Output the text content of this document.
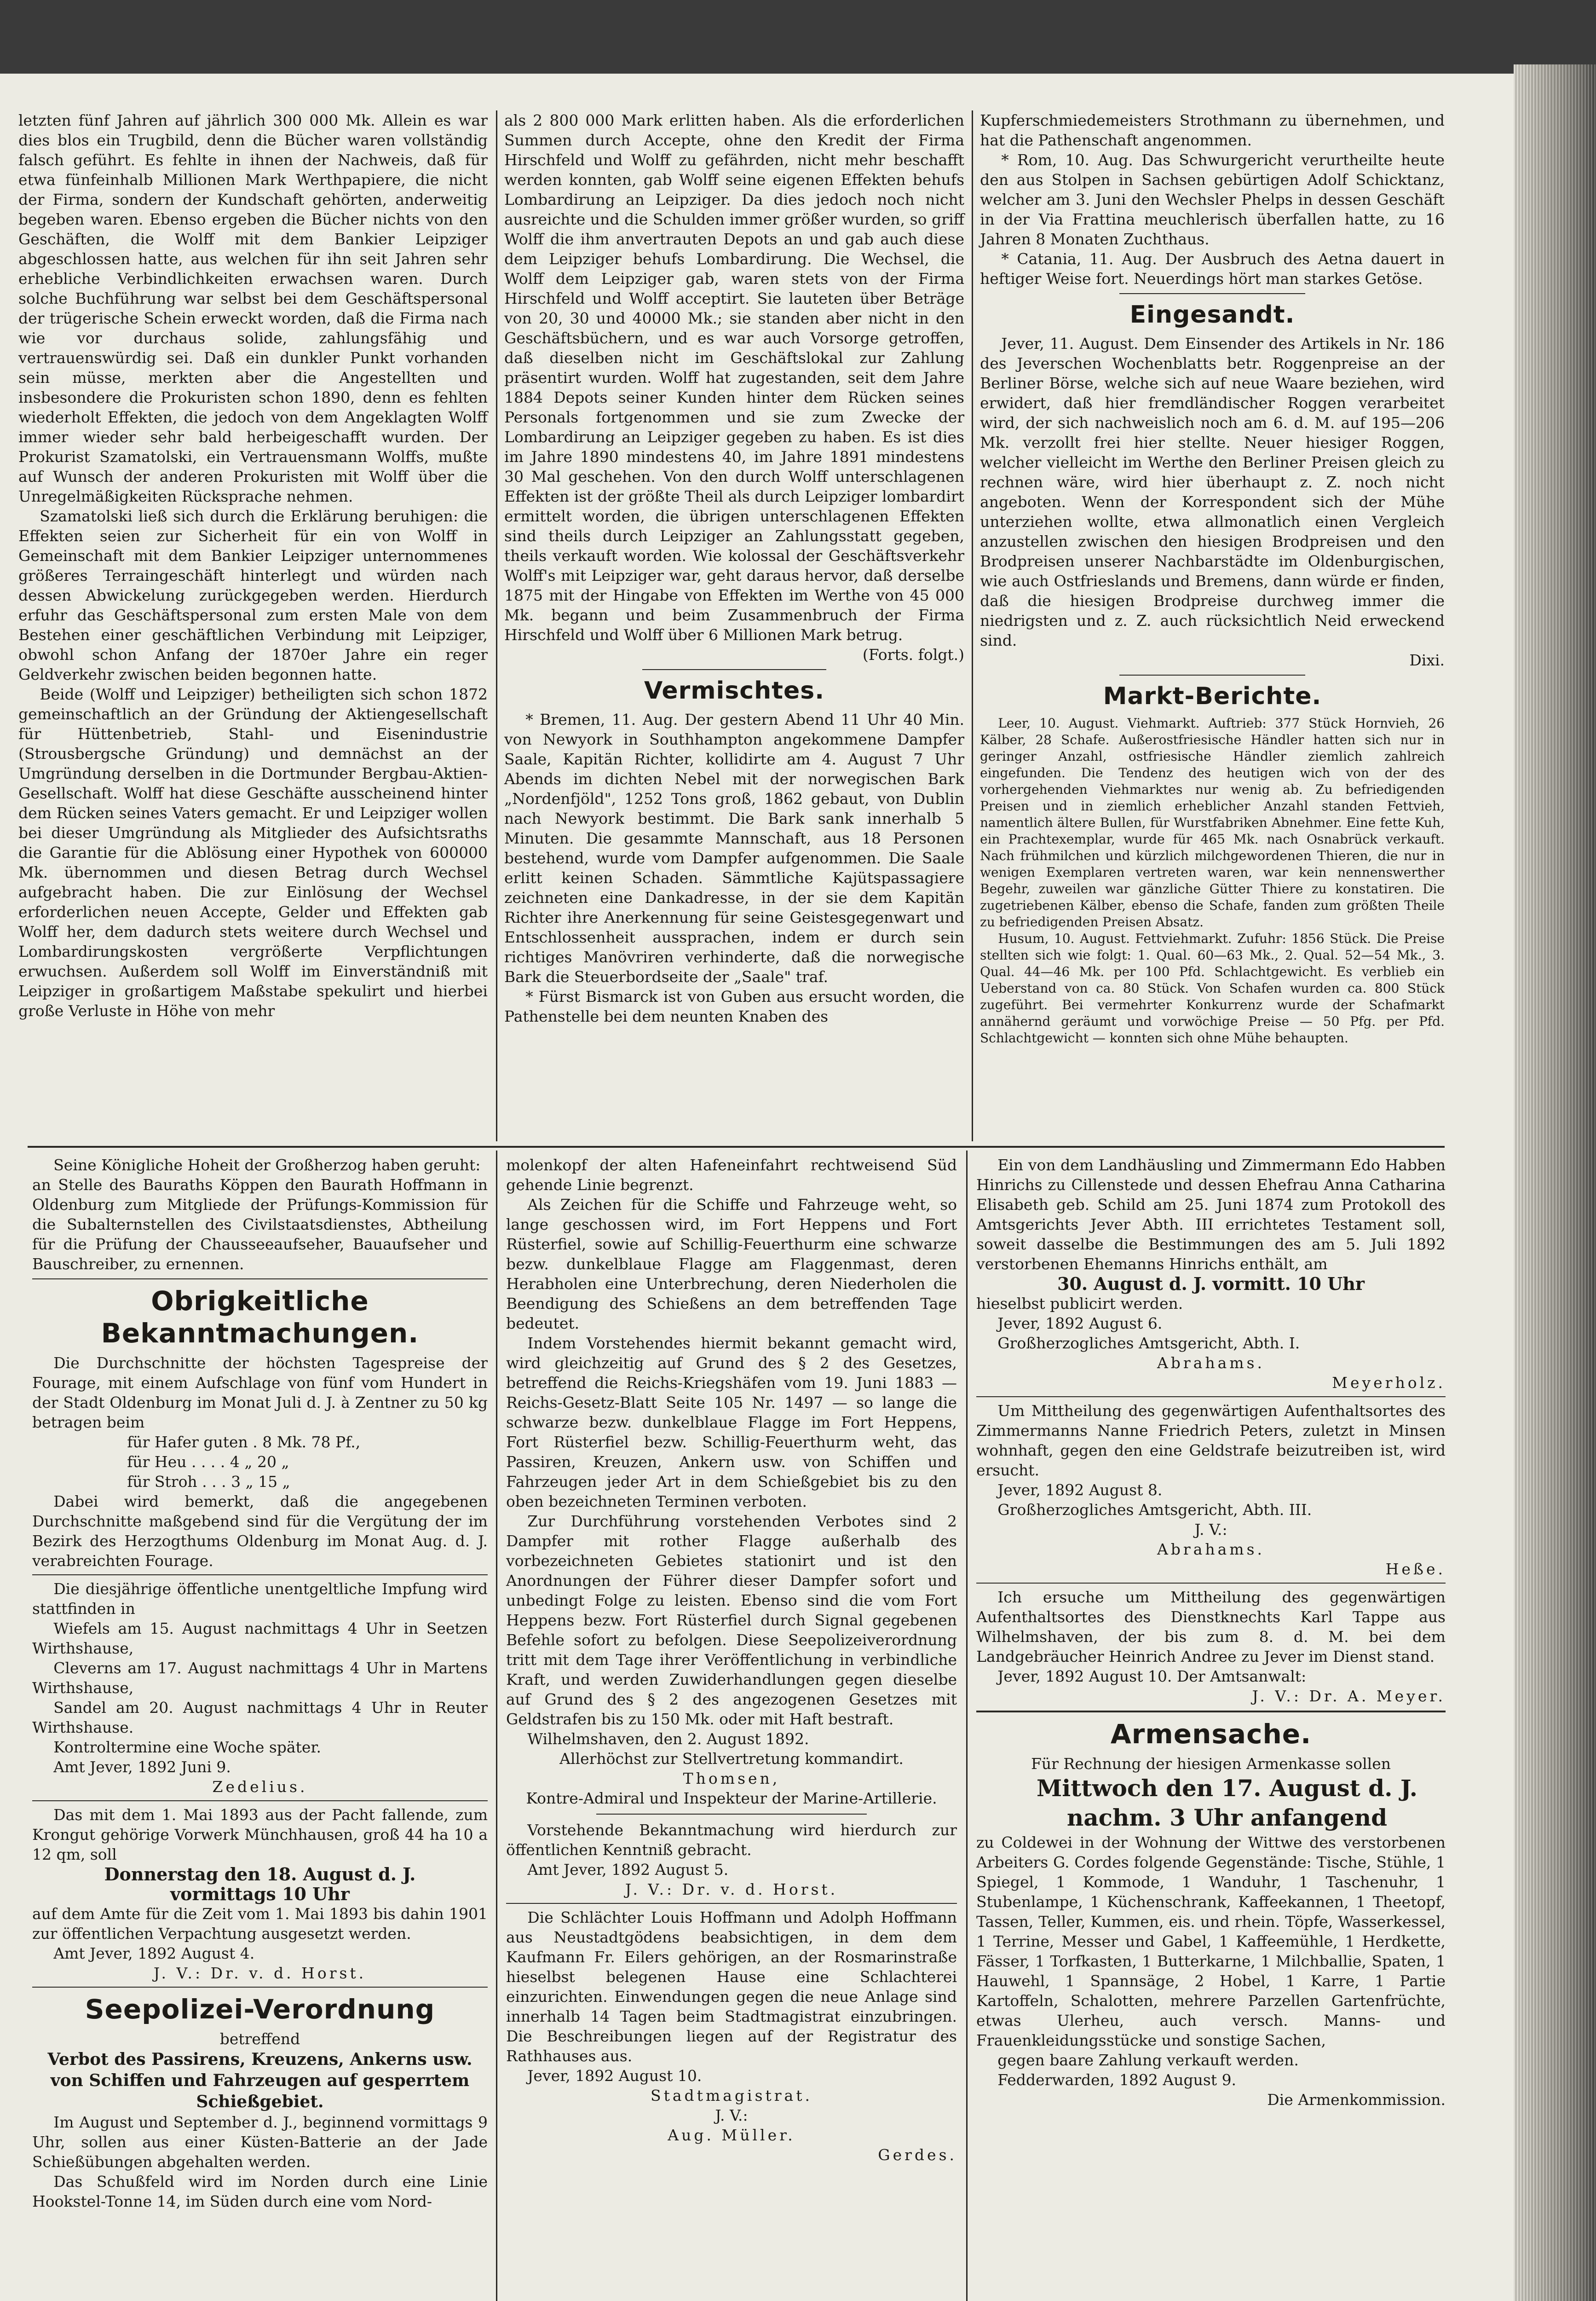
letzten fünf Jahren auf jährlich 300 000 Mk. Allein es war dies blos ein Trugbild, denn die Bücher waren vollständig falsch geführt. Es fehlte in ihnen der Nachweis, daß für etwa fünfeinhalb Millionen Mark Werthpapiere, die nicht der Firma, sondern der Kundschaft gehörten, anderweitig begeben waren. Ebenso ergeben die Bücher nichts von den Geschäften, die Wolff mit dem Bankier Leipziger abgeschlossen hatte, aus welchen für ihn seit Jahren sehr erhebliche Verbindlichkeiten erwachsen waren. Durch solche Buchführung war selbst bei dem Geschäftspersonal der trügerische Schein erweckt worden, daß die Firma nach wie vor durchaus solide, zahlungsfähig und vertrauenswürdig sei. Daß ein dunkler Punkt vorhanden sein müsse, merkten aber die Angestellten und insbesondere die Prokuristen schon 1890, denn es fehlten wiederholt Effekten, die jedoch von dem Angeklagten Wolff immer wieder sehr bald herbeigeschafft wurden. Der Prokurist Szamatolski, ein Vertrauensmann Wolffs, mußte auf Wunsch der anderen Prokuristen mit Wolff über die Unregelmäßigkeiten Rücksprache nehmen.

Szamatolski ließ sich durch die Erklärung beruhigen: die Effekten seien zur Sicherheit für ein von Wolff in Gemeinschaft mit dem Bankier Leipziger unternommenes größeres Terraingeschäft hinterlegt und würden nach dessen Abwickelung zurückgegeben werden. Hierdurch erfuhr das Geschäftspersonal zum ersten Male von dem Bestehen einer geschäftlichen Verbindung mit Leipziger, obwohl schon Anfang der 1870er Jahre ein reger Geldverkehr zwischen beiden begonnen hatte.

Beide (Wolff und Leipziger) betheiligten sich schon 1872 gemeinschaftlich an der Gründung der Aktiengesellschaft für Hüttenbetrieb, Stahl- und Eisenindustrie (Strousbergsche Gründung) und demnächst an der Umgründung derselben in die Dortmunder Bergbau-Aktien-Gesellschaft. Wolff hat diese Geschäfte ausscheinend hinter dem Rücken seines Vaters gemacht. Er und Leipziger wollen bei dieser Umgründung als Mitglieder des Aufsichtsraths die Garantie für die Ablösung einer Hypothek von 600000 Mk. übernommen und diesen Betrag durch Wechsel aufgebracht haben. Die zur Einlösung der Wechsel erforderlichen neuen Accepte, Gelder und Effekten gab Wolff her, dem dadurch stets weitere durch Wechsel und Lombardirungskosten vergrößerte Verpflichtungen erwuchsen. Außerdem soll Wolff im Einverständniß mit Leipziger in großartigem Maßstabe spekulirt und hierbei große Verluste in Höhe von mehr

als 2 800 000 Mark erlitten haben. Als die erforderlichen Summen durch Accepte, ohne den Kredit der Firma Hirschfeld und Wolff zu gefährden, nicht mehr beschafft werden konnten, gab Wolff seine eigenen Effekten behufs Lombardirung an Leipziger. Da dies jedoch noch nicht ausreichte und die Schulden immer größer wurden, so griff Wolff die ihm anvertrauten Depots an und gab auch diese dem Leipziger behufs Lombardirung. Die Wechsel, die Wolff dem Leipziger gab, waren stets von der Firma Hirschfeld und Wolff acceptirt. Sie lauteten über Beträge von 20, 30 und 40000 Mk.; sie standen aber nicht in den Geschäftsbüchern, und es war auch Vorsorge getroffen, daß dieselben nicht im Geschäftslokal zur Zahlung präsentirt wurden. Wolff hat zugestanden, seit dem Jahre 1884 Depots seiner Kunden hinter dem Rücken seines Personals fortgenommen und sie zum Zwecke der Lombardirung an Leipziger gegeben zu haben. Es ist dies im Jahre 1890 mindestens 40, im Jahre 1891 mindestens 30 Mal geschehen. Von den durch Wolff unterschlagenen Effekten ist der größte Theil als durch Leipziger lombardirt ermittelt worden, die übrigen unterschlagenen Effekten sind theils durch Leipziger an Zahlungsstatt gegeben, theils verkauft worden. Wie kolossal der Geschäftsverkehr Wolff's mit Leipziger war, geht daraus hervor, daß derselbe 1875 mit der Hingabe von Effekten im Werthe von 45 000 Mk. begann und beim Zusammenbruch der Firma Hirschfeld und Wolff über 6 Millionen Mark betrug.

(Forts. folgt.)

Vermischtes.

* Bremen, 11. Aug. Der gestern Abend 11 Uhr 40 Min. von Newyork in Southhampton angekommene Dampfer Saale, Kapitän Richter, kollidirte am 4. August 7 Uhr Abends im dichten Nebel mit der norwegischen Bark „Nordenfjöld", 1252 Tons groß, 1862 gebaut, von Dublin nach Newyork bestimmt. Die Bark sank innerhalb 5 Minuten. Die gesammte Mannschaft, aus 18 Personen bestehend, wurde vom Dampfer aufgenommen. Die Saale erlitt keinen Schaden. Sämmtliche Kajütspassagiere zeichneten eine Dankadresse, in der sie dem Kapitän Richter ihre Anerkennung für seine Geistesgegenwart und Entschlossenheit aussprachen, indem er durch sein richtiges Manövriren verhinderte, daß die norwegische Bark die Steuerbordseite der „Saale" traf.

* Fürst Bismarck ist von Guben aus ersucht worden, die Pathenstelle bei dem neunten Knaben des

Kupferschmiedemeisters Strothmann zu übernehmen, und hat die Pathenschaft angenommen.

* Rom, 10. Aug. Das Schwurgericht verurtheilte heute den aus Stolpen in Sachsen gebürtigen Adolf Schicktanz, welcher am 3. Juni den Wechsler Phelps in dessen Geschäft in der Via Frattina meuchlerisch überfallen hatte, zu 16 Jahren 8 Monaten Zuchthaus.

* Catania, 11. Aug. Der Ausbruch des Aetna dauert in heftiger Weise fort. Neuerdings hört man starkes Getöse.

Eingesandt.

Jever, 11. August. Dem Einsender des Artikels in Nr. 186 des Jeverschen Wochenblatts betr. Roggenpreise an der Berliner Börse, welche sich auf neue Waare beziehen, wird erwidert, daß hier fremdländischer Roggen verarbeitet wird, der sich nachweislich noch am 6. d. M. auf 195—206 Mk. verzollt frei hier stellte. Neuer hiesiger Roggen, welcher vielleicht im Werthe den Berliner Preisen gleich zu rechnen wäre, wird hier überhaupt z. Z. noch nicht angeboten. Wenn der Korrespondent sich der Mühe unterziehen wollte, etwa allmonatlich einen Vergleich anzustellen zwischen den hiesigen Brodpreisen und den Brodpreisen unserer Nachbarstädte im Oldenburgischen, wie auch Ostfrieslands und Bremens, dann würde er finden, daß die hiesigen Brodpreise durchweg immer die niedrigsten und z. Z. auch rücksichtlich Neid erweckend sind.

Dixi.

Markt-Berichte.

Leer, 10. August. Viehmarkt. Auftrieb: 377 Stück Hornvieh, 26 Kälber, 28 Schafe. Außerostfriesische Händler hatten sich nur in geringer Anzahl, ostfriesische Händler ziemlich zahlreich eingefunden. Die Tendenz des heutigen wich von der des vorhergehenden Viehmarktes nur wenig ab. Zu befriedigenden Preisen und in ziemlich erheblicher Anzahl standen Fettvieh, namentlich ältere Bullen, für Wurstfabriken Abnehmer. Eine fette Kuh, ein Prachtexemplar, wurde für 465 Mk. nach Osnabrück verkauft. Nach frühmilchen und kürzlich milchgewordenen Thieren, die nur in wenigen Exemplaren vertreten waren, war kein nennenswerther Begehr, zuweilen war gänzliche Gütter Thiere zu konstatiren. Die zugetriebenen Kälber, ebenso die Schafe, fanden zum größten Theile zu befriedigenden Preisen Absatz.

Husum, 10. August. Fettviehmarkt. Zufuhr: 1856 Stück. Die Preise stellten sich wie folgt: 1. Qual. 60—63 Mk., 2. Qual. 52—54 Mk., 3. Qual. 44—46 Mk. per 100 Pfd. Schlachtgewicht. Es verblieb ein Ueberstand von ca. 80 Stück. Von Schafen wurden ca. 800 Stück zugeführt. Bei vermehrter Konkurrenz wurde der Schafmarkt annähernd geräumt und vorwöchige Preise — 50 Pfg. per Pfd. Schlachtgewicht — konnten sich ohne Mühe behaupten.

Seine Königliche Hoheit der Großherzog haben geruht:
an Stelle des Bauraths Köppen den Baurath Hoffmann in Oldenburg zum Mitgliede der Prüfungs-Kommission für die Subalternstellen des Civilstaatsdienstes, Abtheilung für die Prüfung der Chausseeaufseher, Bauaufseher und Bauschreiber, zu ernennen.

Obrigkeitliche Bekanntmachungen.

Die Durchschnitte der höchsten Tagespreise der Fourage, mit einem Aufschlage von fünf vom Hundert in der Stadt Oldenburg im Monat Juli d. J. à Zentner zu 50 kg betragen beim

für Hafer guten . 8 Mk. 78 Pf.,

für Heu . . . . 4 „ 20 „

für Stroh . . . 3 „ 15 „

Dabei wird bemerkt, daß die angegebenen Durchschnitte maßgebend sind für die Vergütung der im Bezirk des Herzogthums Oldenburg im Monat Aug. d. J. verabreichten Fourage.

Die diesjährige öffentliche unentgeltliche Impfung wird stattfinden in

Wiefels am 15. August nachmittags 4 Uhr in Seetzen Wirthshause,

Cleverns am 17. August nachmittags 4 Uhr in Martens Wirthshause,

Sandel am 20. August nachmittags 4 Uhr in Reuter Wirthshause.

Kontroltermine eine Woche später.

Amt Jever, 1892 Juni 9.

Zedelius.

Das mit dem 1. Mai 1893 aus der Pacht fallende, zum Krongut gehörige Vorwerk Münchhausen, groß 44 ha 10 a 12 qm, soll

Donnerstag den 18. August d. J.

vormittags 10 Uhr

auf dem Amte für die Zeit vom 1. Mai 1893 bis dahin 1901 zur öffentlichen Verpachtung ausgesetzt werden.

Amt Jever, 1892 August 4.

J. V.: Dr. v. d. Horst.

Seepolizei-Verordnung

betreffend

Verbot des Passirens, Kreuzens, Ankerns usw. von Schiffen und Fahrzeugen auf gesperrtem Schießgebiet.

Im August und September d. J., beginnend vormittags 9 Uhr, sollen aus einer Küsten-Batterie an der Jade Schießübungen abgehalten werden.

Das Schußfeld wird im Norden durch eine Linie Hookstel-Tonne 14, im Süden durch eine vom Nord-

molenkopf der alten Hafeneinfahrt rechtweisend Süd gehende Linie begrenzt.

Als Zeichen für die Schiffe und Fahrzeuge weht, so lange geschossen wird, im Fort Heppens und Fort Rüsterfiel, sowie auf Schillig-Feuerthurm eine schwarze bezw. dunkelblaue Flagge am Flaggenmast, deren Herabholen eine Unterbrechung, deren Niederholen die Beendigung des Schießens an dem betreffenden Tage bedeutet.

Indem Vorstehendes hiermit bekannt gemacht wird, wird gleichzeitig auf Grund des § 2 des Gesetzes, betreffend die Reichs-Kriegshäfen vom 19. Juni 1883 — Reichs-Gesetz-Blatt Seite 105 Nr. 1497 — so lange die schwarze bezw. dunkelblaue Flagge im Fort Heppens, Fort Rüsterfiel bezw. Schillig-Feuerthurm weht, das Passiren, Kreuzen, Ankern usw. von Schiffen und Fahrzeugen jeder Art in dem Schießgebiet bis zu den oben bezeichneten Terminen verboten.

Zur Durchführung vorstehenden Verbotes sind 2 Dampfer mit rother Flagge außerhalb des vorbezeichneten Gebietes stationirt und ist den Anordnungen der Führer dieser Dampfer sofort und unbedingt Folge zu leisten. Ebenso sind die vom Fort Heppens bezw. Fort Rüsterfiel durch Signal gegebenen Befehle sofort zu befolgen. Diese Seepolizeiverordnung tritt mit dem Tage ihrer Veröffentlichung in verbindliche Kraft, und werden Zuwiderhandlungen gegen dieselbe auf Grund des § 2 des angezogenen Gesetzes mit Geldstrafen bis zu 150 Mk. oder mit Haft bestraft.

Wilhelmshaven, den 2. August 1892.

Allerhöchst zur Stellvertretung kommandirt.

Thomsen,

Kontre-Admiral und Inspekteur der Marine-Artillerie.

Vorstehende Bekanntmachung wird hierdurch zur öffentlichen Kenntniß gebracht.

Amt Jever, 1892 August 5.

J. V.: Dr. v. d. Horst.

Die Schlächter Louis Hoffmann und Adolph Hoffmann aus Neustadtgödens beabsichtigen, in dem dem Kaufmann Fr. Eilers gehörigen, an der Rosmarinstraße hieselbst belegenen Hause eine Schlachterei einzurichten. Einwendungen gegen die neue Anlage sind innerhalb 14 Tagen beim Stadtmagistrat einzubringen. Die Beschreibungen liegen auf der Registratur des Rathhauses aus.

Jever, 1892 August 10.

Stadtmagistrat.

J. V.:

Aug. Müller.

Gerdes.

Ein von dem Landhäusling und Zimmermann Edo Habben Hinrichs zu Cillenstede und dessen Ehefrau Anna Catharina Elisabeth geb. Schild am 25. Juni 1874 zum Protokoll des Amtsgerichts Jever Abth. III errichtetes Testament soll, soweit dasselbe die Bestimmungen des am 5. Juli 1892 verstorbenen Ehemanns Hinrichs enthält, am

30. August d. J. vormitt. 10 Uhr

hieselbst publicirt werden.

Jever, 1892 August 6.

Großherzogliches Amtsgericht, Abth. I.

Abrahams.

Meyerholz.

Um Mittheilung des gegenwärtigen Aufenthaltsortes des Zimmermanns Nanne Friedrich Peters, zuletzt in Minsen wohnhaft, gegen den eine Geldstrafe beizutreiben ist, wird ersucht.

Jever, 1892 August 8.

Großherzogliches Amtsgericht, Abth. III.

J. V.:

Abrahams.

Heße.

Ich ersuche um Mittheilung des gegenwärtigen Aufenthaltsortes des Dienstknechts Karl Tappe aus Wilhelmshaven, der bis zum 8. d. M. bei dem Landgebräucher Heinrich Andree zu Jever im Dienst stand.

Jever, 1892 August 10. Der Amtsanwalt:

J. V.: Dr. A. Meyer.

Armensache.

Für Rechnung der hiesigen Armenkasse sollen

Mittwoch den 17. August d. J.

nachm. 3 Uhr anfangend

zu Coldewei in der Wohnung der Wittwe des verstorbenen Arbeiters G. Cordes folgende Gegenstände: Tische, Stühle, 1 Spiegel, 1 Kommode, 1 Wanduhr, 1 Taschenuhr, 1 Stubenlampe, 1 Küchenschrank, Kaffeekannen, 1 Theetopf, Tassen, Teller, Kummen, eis. und rhein. Töpfe, Wasserkessel, 1 Terrine, Messer und Gabel, 1 Kaffeemühle, 1 Herdkette, Fässer, 1 Torfkasten, 1 Butterkarne, 1 Milchballie, Spaten, 1 Hauwehl, 1 Spannsäge, 2 Hobel, 1 Karre, 1 Partie Kartoffeln, Schalotten, mehrere Parzellen Gartenfrüchte, etwas Ulerheu, auch versch. Manns- und Frauenkleidungsstücke und sonstige Sachen,

gegen baare Zahlung verkauft werden.

Fedderwarden, 1892 August 9.

Die Armenkommission.
